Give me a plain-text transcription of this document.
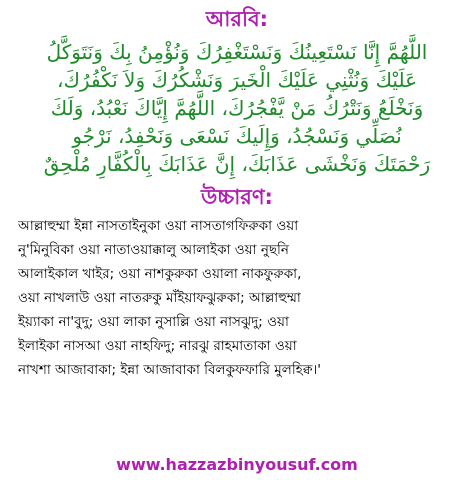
আরবি:
اللَّهُمَّ إِنَّا نَسْتَعِينُكَ وَنَسْتَغْفِرُكَ وَنُؤْمِنُ بِكَ وَنَتَوَكَّلُ
عَلَيْكَ وَنُثْنِي عَلَيْكَ الْخَيرَ وَنَشْكُرُكَ وَلاَ نَكْفُرُكَ،
وَنَخْلَعُ وَنَتْرُكُ مَنْ يَّفْجُرُكَ، اللَّهُمَّ إِيَّاكَ نَعْبُدُ، وَلَكَ
نُصَلِّي وَنَسْجُدُ، وَإِلَيكَ نَسْعَى وَنَحْفِدُ، نَرْجُو
رَحْمَتَكَ وَنَخْشَى عَذَابَكَ، إِنَّ عَذَابَكَ بِالْكُفَّارِ مُلْحِقٌ
উচ্চারণ:
আল্লাহুম্মা ইন্না নাসতাইনুকা ওয়া নাসতাগফিরুকা ওয়া
নু'মিনুবিকা ওয়া নাতাওয়াক্কালু আলাইকা ওয়া নুছনি
আলাইকাল খাইর; ওয়া নাশকুরুকা ওয়ালা নাকফুরুকা,
ওয়া নাখলাউ ওয়া নাতরুকু মাঁইয়াফঝুরুকা; আল্লাহুম্মা
ইয়্যাকা না'বুদু; ওয়া লাকা নুসাল্লি ওয়া নাসঝুদু; ওয়া
ইলাইকা নাসআ ওয়া নাহফিদু; নারঝু রাহমাতাকা ওয়া
নাখশা আজাবাকা; ইন্না আজাবাকা বিলকুফফারি মুলহিক্ব।'
www.hazzazbinyousuf.com
